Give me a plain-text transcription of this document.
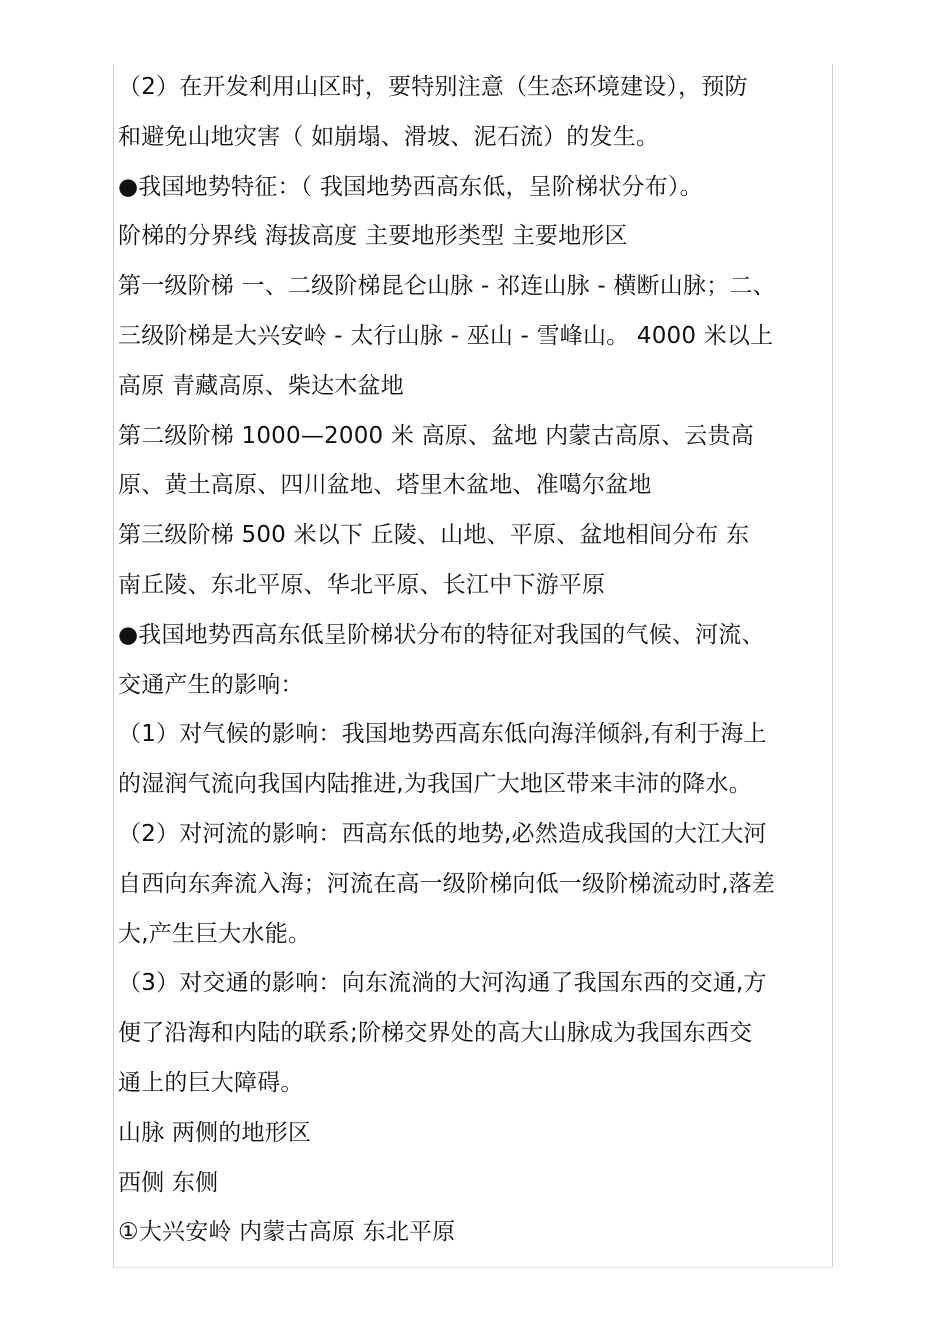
（2）在开发利用山区时，要特别注意（生态环境建设），预防
和避免山地灾害（ 如崩塌、滑坡、泥石流）的发生。
●我国地势特征：（ 我国地势西高东低，呈阶梯状分布）。
阶梯的分界线 海拔高度 主要地形类型 主要地形区
第一级阶梯 一、二级阶梯昆仑山脉 - 祁连山脉 - 横断山脉；二、
三级阶梯是大兴安岭 - 太行山脉 - 巫山 - 雪峰山。 4000 米以上
高原 青藏高原、柴达木盆地
第二级阶梯 1000—2000 米 高原、盆地 内蒙古高原、云贵高
原、黄土高原、四川盆地、塔里木盆地、准噶尔盆地
第三级阶梯 500 米以下 丘陵、山地、平原、盆地相间分布 东
南丘陵、东北平原、华北平原、长江中下游平原
●我国地势西高东低呈阶梯状分布的特征对我国的气候、河流、
交通产生的影响：
（1）对气候的影响：我国地势西高东低向海洋倾斜,有利于海上
的湿润气流向我国内陆推进,为我国广大地区带来丰沛的降水。
（2）对河流的影响：西高东低的地势,必然造成我国的大江大河
自西向东奔流入海；河流在高一级阶梯向低一级阶梯流动时,落差
大,产生巨大水能。
（3）对交通的影响：向东流淌的大河沟通了我国东西的交通,方
便了沿海和内陆的联系;阶梯交界处的高大山脉成为我国东西交
通上的巨大障碍。
山脉 两侧的地形区
西侧 东侧
①大兴安岭 内蒙古高原 东北平原
